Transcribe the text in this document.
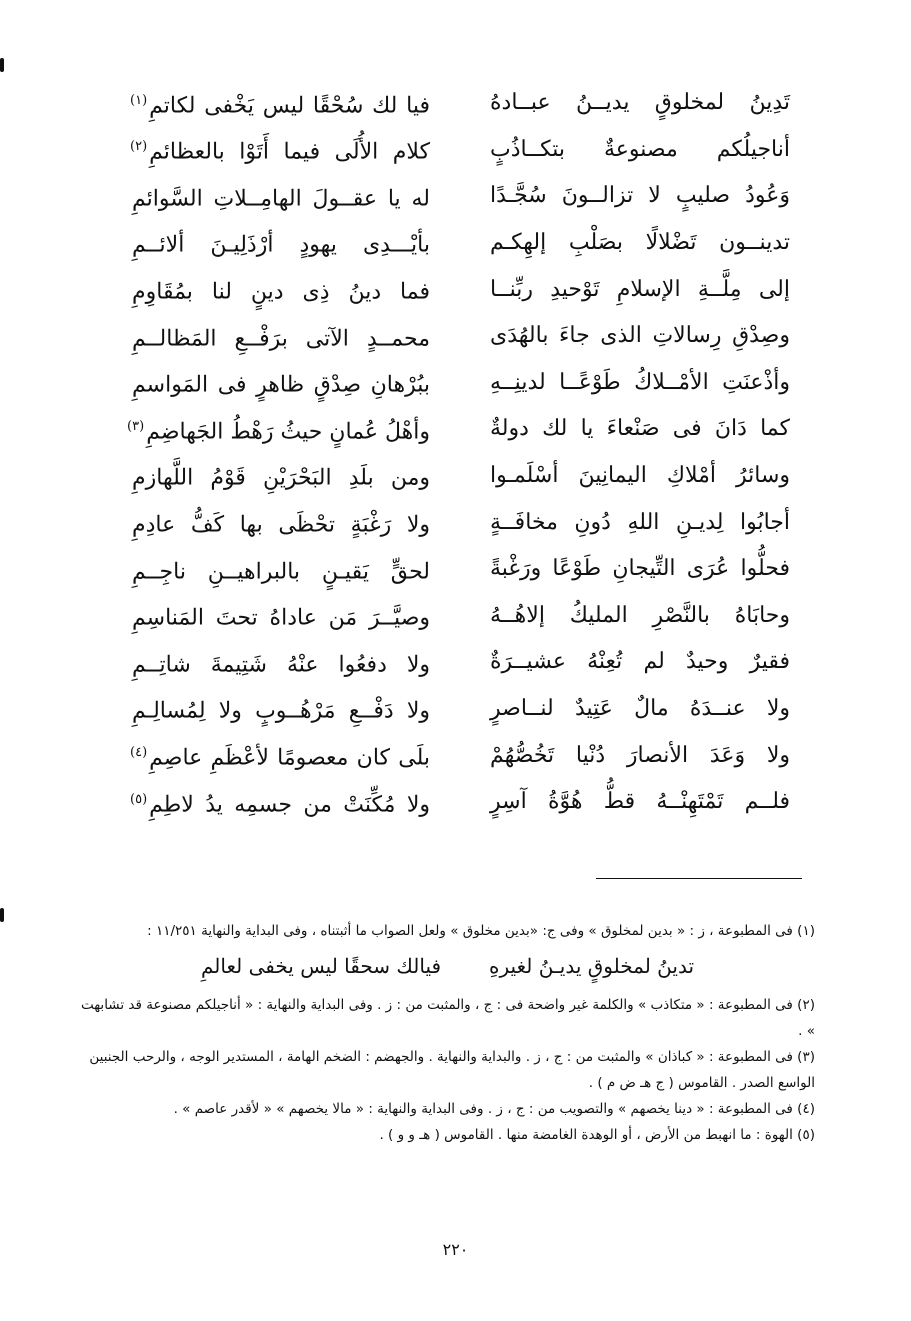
تَدِينُ لمخلوقٍ يديــنُ عبــادهُ
فيا لك سُحْقًا ليس يَخْفى لكاتمِ$^{(١)}$
أناجيلُكم مصنوعةٌ بتكــاذُبٍ
كلام الأُلَى فيما أَتَوْا بالعظائمِ$^{(٢)}$
وَعُودُ صليبٍ لا تزالــونَ سُجَّـدًا
له يا عقــولَ الهامِــلاتِ السَّوائمِ
تدينــون تَضْلالًا بصَلْبِ إلهِكـم
بأيْـــدِى يهودٍ أرْذَلِيـنَ ألائــمِ
إلى مِلَّــةِ الإسلامِ تَوْحيدِ ربِّنــا
فما دينُ ذِى دينٍ لنا بمُقَاوِمِ
وصِدْقِ رِسالاتِ الذى جاءَ بالهُدَى
محمــدٍ الآتى برَفْــعِ المَظالــمِ
وأذْعنَتِ الأمْــلاكُ طَوْعًــا لدينِــهِ
ببُرْهانِ صِدْقٍ ظاهرٍ فى المَواسمِ
كما دَانَ فى صَنْعاءَ يا لك دولةٌ
وأهْلُ عُمانٍ حيثُ رَهْطُ الجَهاضِمِ$^{(٣)}$
وسائرُ أمْلاكِ اليمانِينَ أسْلَمـوا
ومن بلَدِ البَحْرَيْنِ قَوْمُ اللَّهازمِ
أجابُوا لِديـنِ اللهِ دُونِ مخافَــةٍ
ولا رَغْبَةٍ تحْظَى بها كَفُّ عادِمِ
فحلُّوا عُرَى التِّيجانِ طَوْعًا ورَغْبةً
لحقٍّ يَقيـنٍ بالبراهيــنِ ناجِــمِ
وحابَاهُ بالنَّصْرِ المليكُ إلاهُــهُ
وصيَّــرَ مَن عاداهُ تحتَ المَناسِمِ
فقيرٌ وحيدٌ لم تُعِنْهُ عشيــرَةٌ
ولا دفعُوا عنْهُ شَتِيمةَ شاتِــمِ
ولا عنــدَهُ مالٌ عَتِيدٌ لنــاصرٍ
ولا دَفْــعِ مَرْهُــوبٍ ولا لِمُسالِـمِ
ولا وَعَدَ الأنصارَ دُنْيا تَخُصُّهُمْ
بلَى كان معصومًا لأعْظَمِ عاصِمِ$^{(٤)}$
فلــم تَمْتَهِنْــهُ قطُّ هُوَّةُ آسِرٍ
ولا مُكِّنَتْ من جسمِه يدُ لاطِمِ$^{(٥)}$

(١) فى المطبوعة ، ز : « بدين لمخلوق » وفى ج: «بدين مخلوق » ولعل الصواب ما أثبتناه ، وفى البداية والنهاية ١١/٢٥١ :

تدينُ لمخلوقٍ يديـنُ لغيرهِ
فيالك سحقًا ليس يخفى لعالمِ

(٢) فى المطبوعة : « متكاذب » والكلمة غير واضحة فى : ج ، والمثبت من : ز . وفى البداية والنهاية : « أناجيلكم مصنوعة قد تشابهت » .

(٣) فى المطبوعة : « كباذان » والمثبت من : ج ، ز . والبداية والنهاية . والجهضم : الضخم الهامة ، المستدير الوجه ، والرحب الجنبين الواسع الصدر . القاموس ( ج هـ ض م ) .

(٤) فى المطبوعة : « دينا يخصهم » والتصويب من : ج ، ز . وفى البداية والنهاية : « مالا يخصهم » « لأقدر عاصم » .

(٥) الهوة : ما انهبط من الأرض ، أو الوهدة الغامضة منها . القاموس ( هـ و و ) .

٢٢٠
